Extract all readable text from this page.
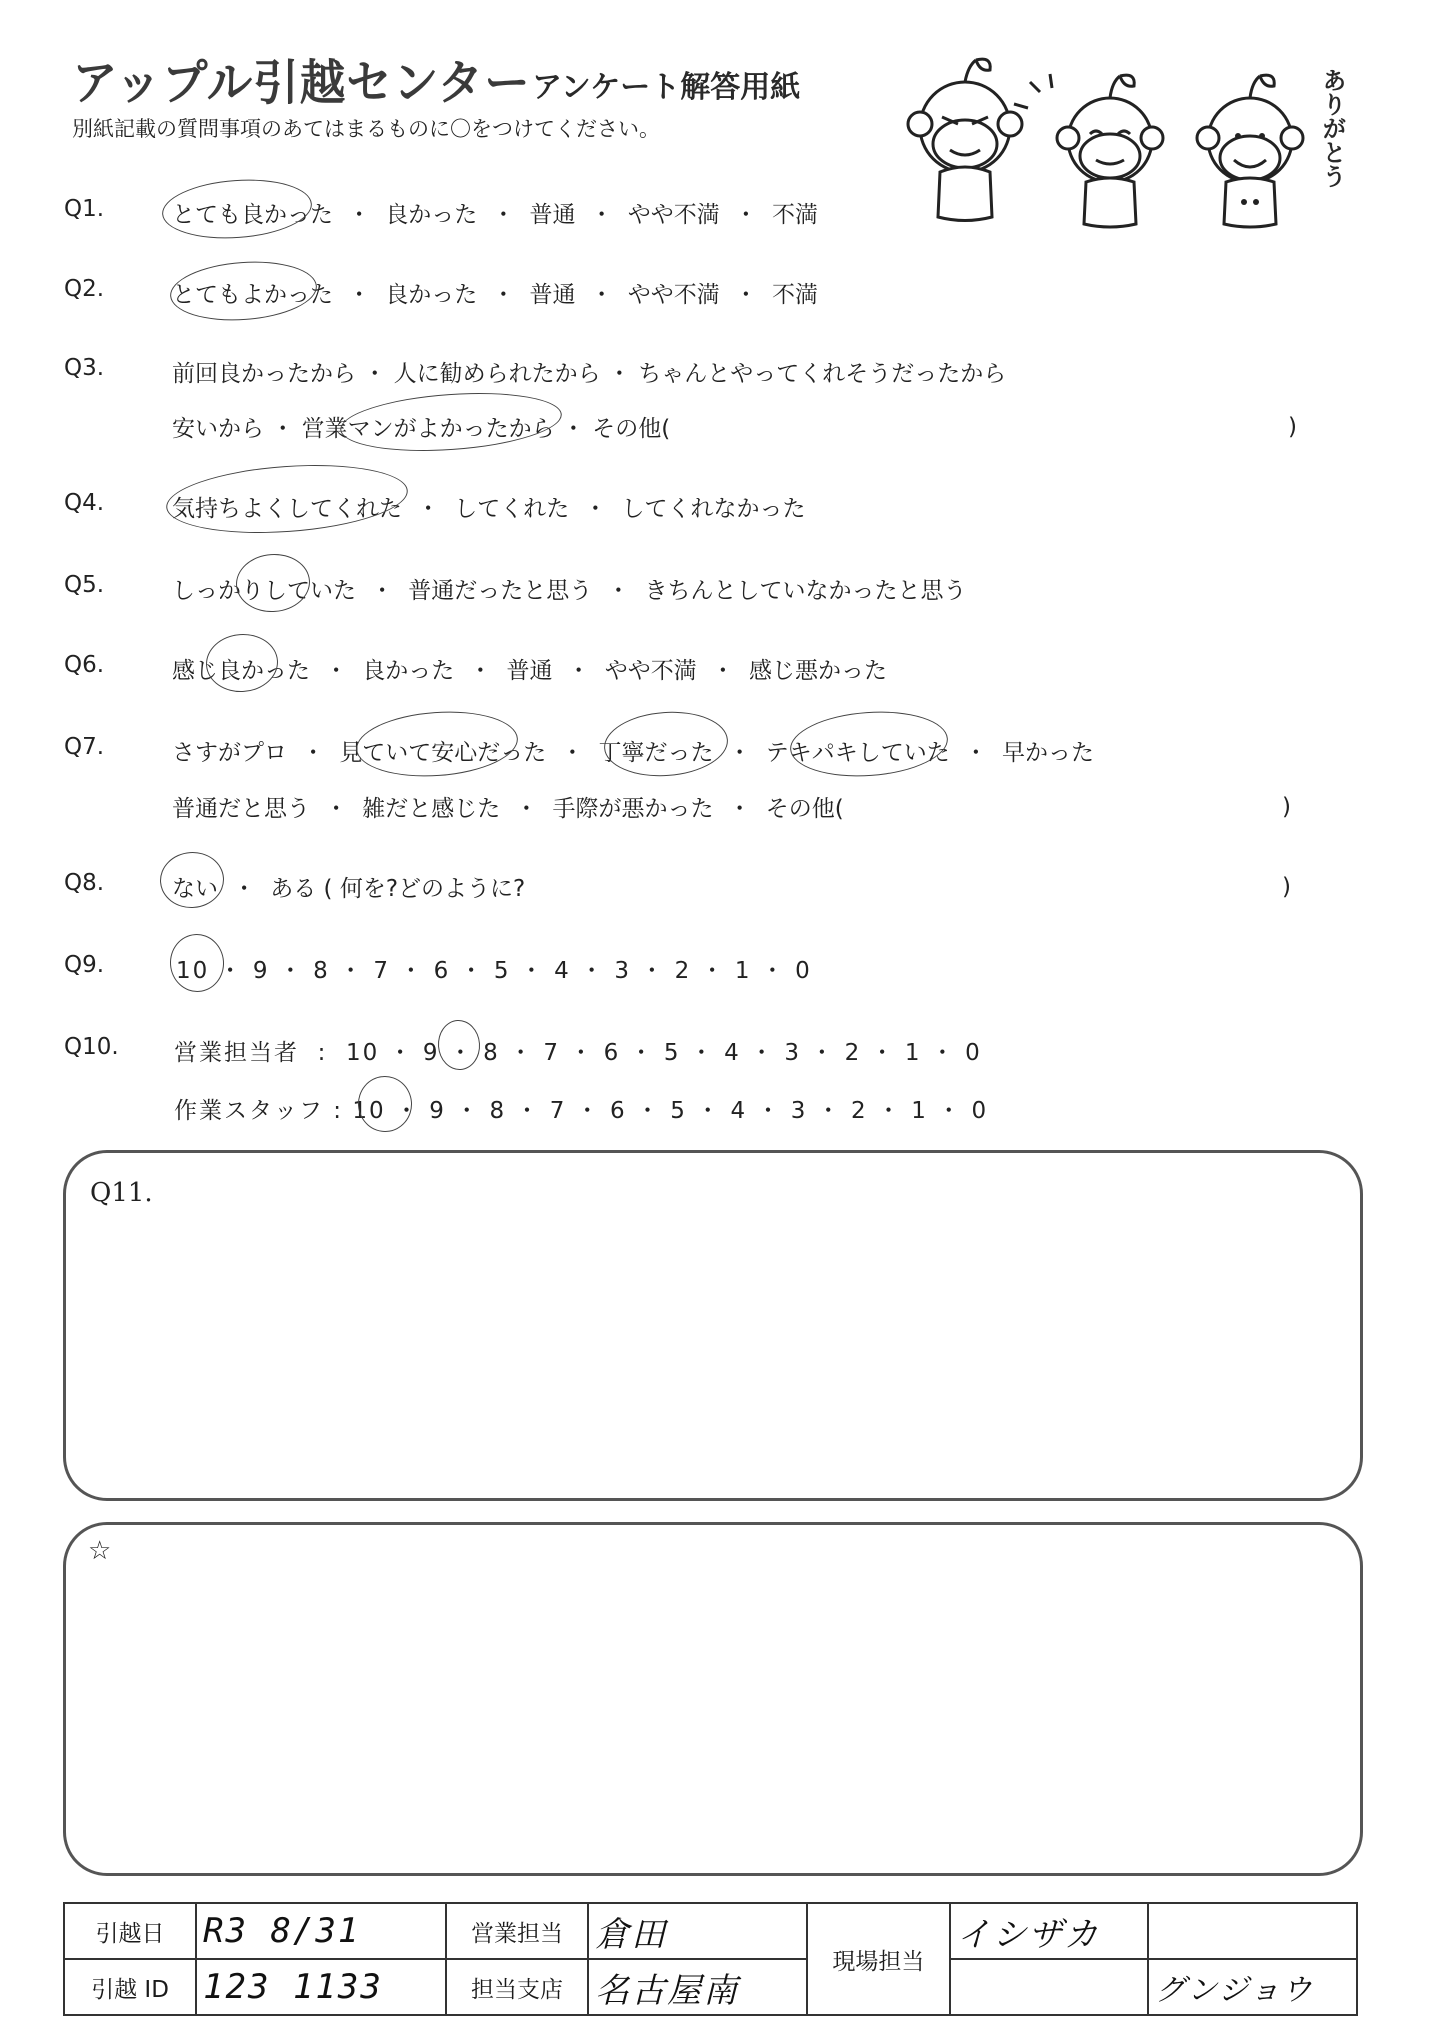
アップル引越センター アンケート解答用紙
別紙記載の質問事項のあてはまるものに〇をつけてください。	ありがとう
Q1.	とても良かった  ・  良かった  ・  普通  ・  やや不満  ・  不満
Q2.	とてもよかった  ・  良かった  ・  普通  ・  やや不満  ・  不満
Q3.	前回良かったから ・ 人に勧められたから ・ ちゃんとやってくれそうだったから
安いから ・ 営業マンがよかったから ・ その他(	)
Q4.	気持ちよくしてくれた  ・  してくれた  ・  してくれなかった
Q5.	しっかりしていた  ・  普通だったと思う  ・  きちんとしていなかったと思う
Q6.	感じ良かった  ・  良かった  ・  普通  ・  やや不満  ・  感じ悪かった
Q7.	さすがプロ  ・  見ていて安心だった  ・  丁寧だった  ・  テキパキしていた  ・  早かった
普通だと思う  ・  雑だと感じた  ・  手際が悪かった  ・  その他(	)
Q8.	ない  ・  ある ( 何を?どのように?	)
Q9.	10 ・ 9 ・ 8 ・ 7 ・ 6 ・ 5 ・ 4 ・ 3 ・ 2 ・ 1 ・ 0
Q10. 営業担当者  :  10 ・ 9 ・ 8 ・ 7 ・ 6 ・ 5 ・ 4 ・ 3 ・ 2 ・ 1 ・ 0
作業スタッフ : 10 ・ 9 ・ 8 ・ 7 ・ 6 ・ 5 ・ 4 ・ 3 ・ 2 ・ 1 ・ 0
Q11.
☆
引越日	R3 8/31	営業担当	倉田	現場担当	イシザカ	
引越 ID	123 1133	担当支店	名古屋南			グンジョウ
